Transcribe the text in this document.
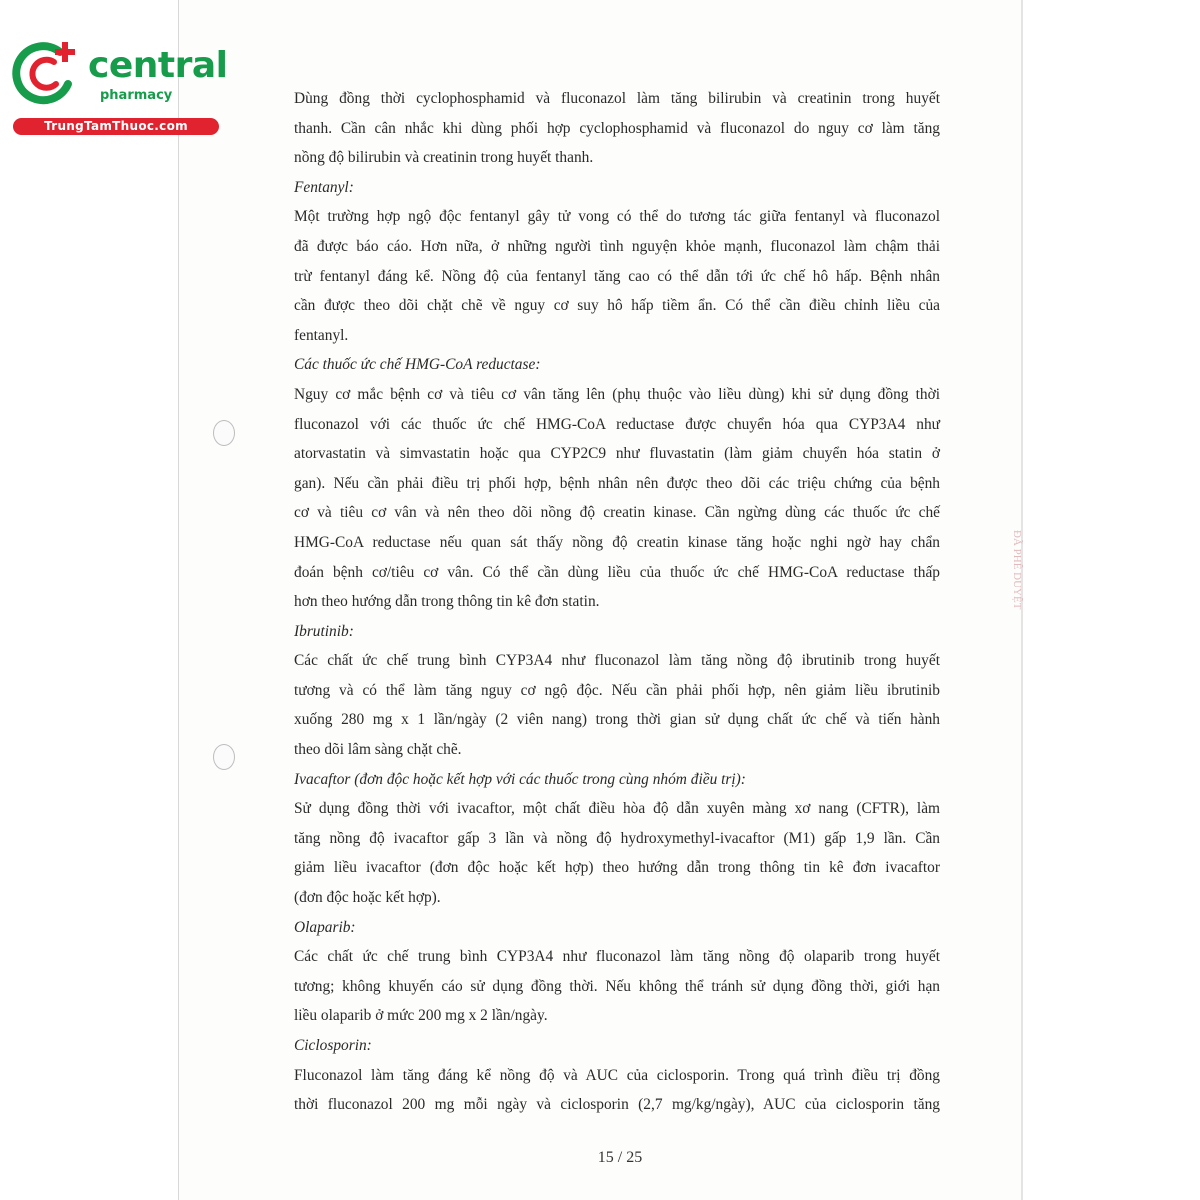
central
pharmacy
TrungTamThuoc.com
ĐÃ PHÊ DUYỆT

Dùng đồng thời cyclophosphamid và fluconazol làm tăng bilirubin và creatinin trong huyết

thanh. Cần cân nhắc khi dùng phối hợp cyclophosphamid và fluconazol do nguy cơ làm tăng

nồng độ bilirubin và creatinin trong huyết thanh.

Fentanyl:

Một trường hợp ngộ độc fentanyl gây tử vong có thể do tương tác giữa fentanyl và fluconazol

đã được báo cáo. Hơn nữa, ở những người tình nguyện khỏe mạnh, fluconazol làm chậm thải

trừ fentanyl đáng kể. Nồng độ của fentanyl tăng cao có thể dẫn tới ức chế hô hấp. Bệnh nhân

cần được theo dõi chặt chẽ về nguy cơ suy hô hấp tiềm ẩn. Có thể cần điều chỉnh liều của

fentanyl.

Các thuốc ức chế HMG-CoA reductase:

Nguy cơ mắc bệnh cơ và tiêu cơ vân tăng lên (phụ thuộc vào liều dùng) khi sử dụng đồng thời

fluconazol với các thuốc ức chế HMG-CoA reductase được chuyển hóa qua CYP3A4 như

atorvastatin và simvastatin hoặc qua CYP2C9 như fluvastatin (làm giảm chuyển hóa statin ở

gan). Nếu cần phải điều trị phối hợp, bệnh nhân nên được theo dõi các triệu chứng của bệnh

cơ và tiêu cơ vân và nên theo dõi nồng độ creatin kinase. Cần ngừng dùng các thuốc ức chế

HMG-CoA reductase nếu quan sát thấy nồng độ creatin kinase tăng hoặc nghi ngờ hay chẩn

đoán bệnh cơ/tiêu cơ vân. Có thể cần dùng liều của thuốc ức chế HMG-CoA reductase thấp

hơn theo hướng dẫn trong thông tin kê đơn statin.

Ibrutinib:

Các chất ức chế trung bình CYP3A4 như fluconazol làm tăng nồng độ ibrutinib trong huyết

tương và có thể làm tăng nguy cơ ngộ độc. Nếu cần phải phối hợp, nên giảm liều ibrutinib

xuống 280 mg x 1 lần/ngày (2 viên nang) trong thời gian sử dụng chất ức chế và tiến hành

theo dõi lâm sàng chặt chẽ.

Ivacaftor (đơn độc hoặc kết hợp với các thuốc trong cùng nhóm điều trị):

Sử dụng đồng thời với ivacaftor, một chất điều hòa độ dẫn xuyên màng xơ nang (CFTR), làm

tăng nồng độ ivacaftor gấp 3 lần và nồng độ hydroxymethyl-ivacaftor (M1) gấp 1,9 lần. Cần

giảm liều ivacaftor (đơn độc hoặc kết hợp) theo hướng dẫn trong thông tin kê đơn ivacaftor

(đơn độc hoặc kết hợp).

Olaparib:

Các chất ức chế trung bình CYP3A4 như fluconazol làm tăng nồng độ olaparib trong huyết

tương; không khuyến cáo sử dụng đồng thời. Nếu không thể tránh sử dụng đồng thời, giới hạn

liều olaparib ở mức 200 mg x 2 lần/ngày.

Ciclosporin:

Fluconazol làm tăng đáng kể nồng độ và AUC của ciclosporin. Trong quá trình điều trị đồng

thời fluconazol 200 mg mỗi ngày và ciclosporin (2,7 mg/kg/ngày), AUC của ciclosporin tăng

15 / 25
